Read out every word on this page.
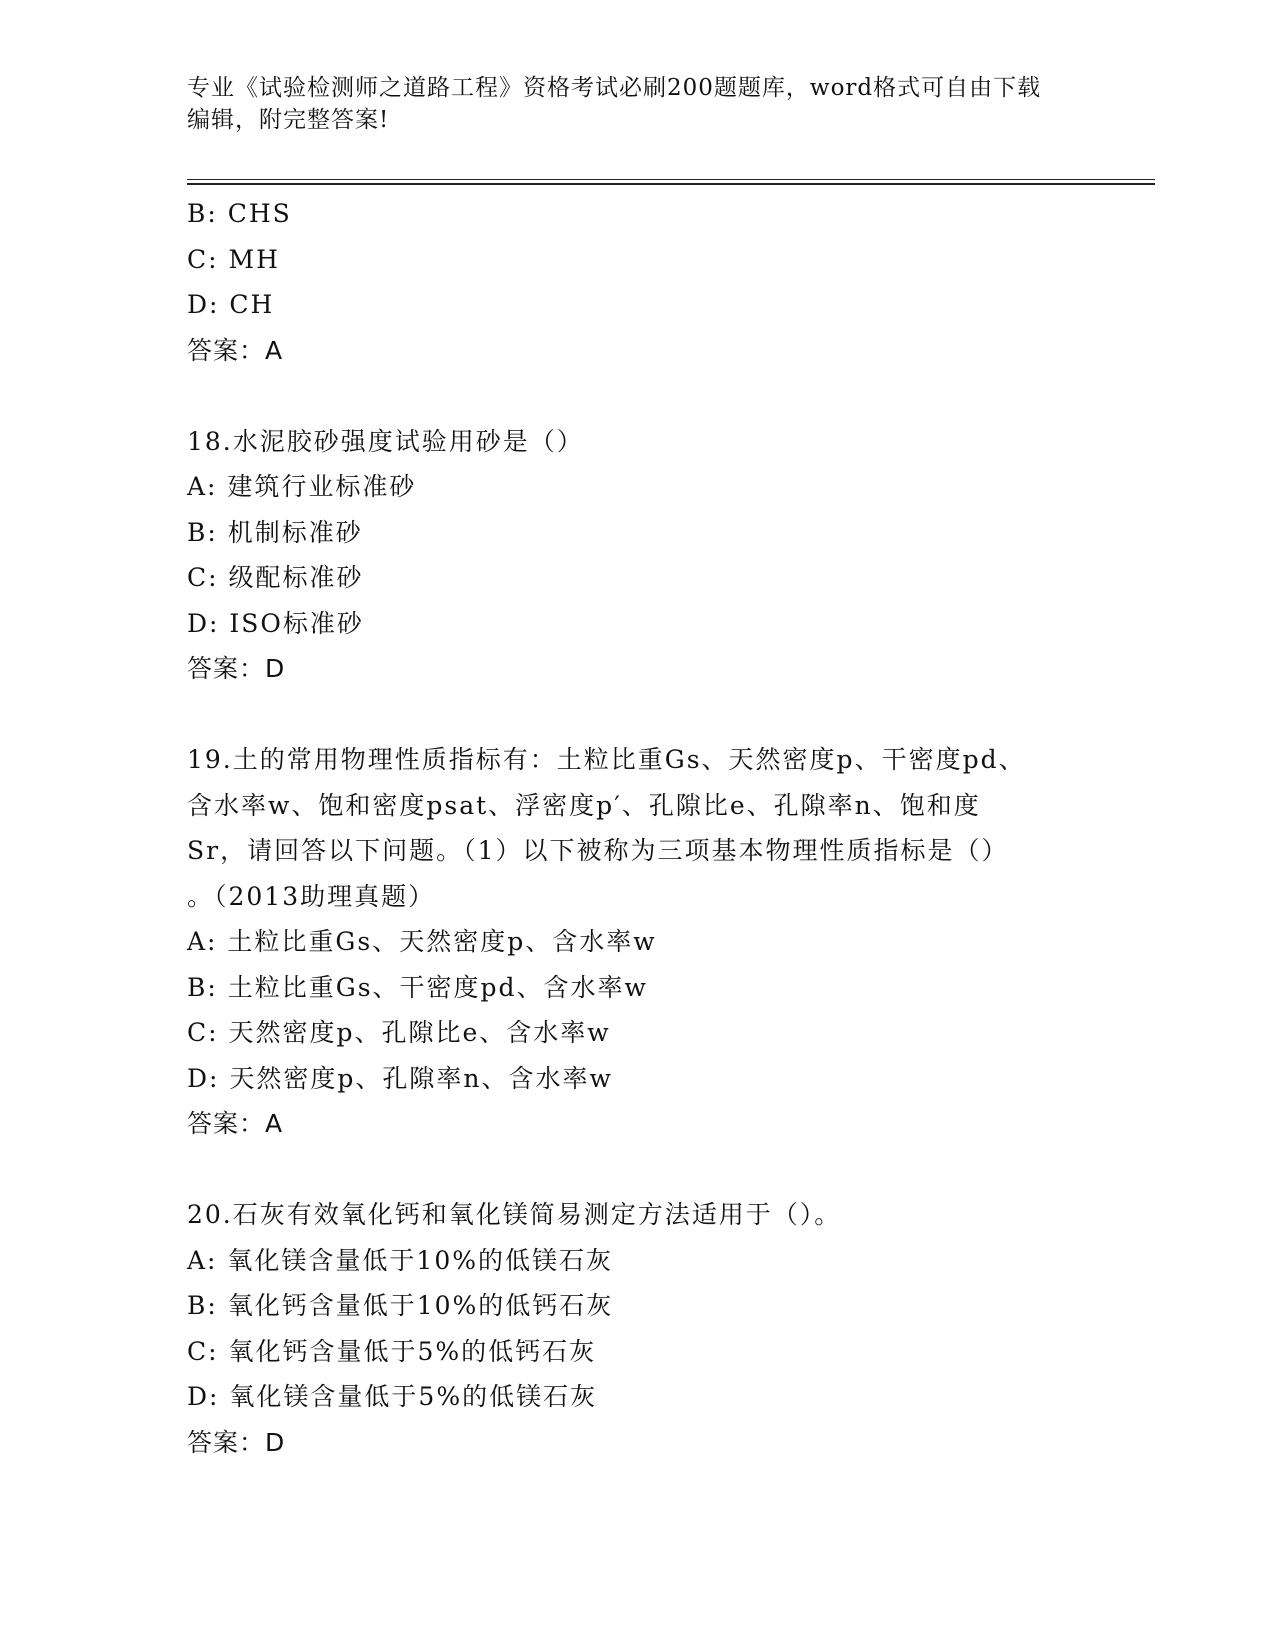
专业《试验检测师之道路工程》资格考试必刷200题题库，word格式可自由下载
编辑，附完整答案!
B: CHS
C: MH
D: CH
答案：A
18.水泥胶砂强度试验用砂是（）
A: 建筑行业标准砂
B: 机制标准砂
C: 级配标准砂
D: ISO标准砂
答案：D
19.土的常用物理性质指标有：土粒比重Gs、天然密度p、干密度pd、
含水率w、饱和密度psat、浮密度p′、孔隙比e、孔隙率n、饱和度
Sr，请回答以下问题。（1）以下被称为三项基本物理性质指标是（）
。（2013助理真题）
A: 土粒比重Gs、天然密度p、含水率w
B: 土粒比重Gs、干密度pd、含水率w
C: 天然密度p、孔隙比e、含水率w
D: 天然密度p、孔隙率n、含水率w
答案：A
20.石灰有效氧化钙和氧化镁简易测定方法适用于（）。
A: 氧化镁含量低于10%的低镁石灰
B: 氧化钙含量低于10%的低钙石灰
C: 氧化钙含量低于5%的低钙石灰
D: 氧化镁含量低于5%的低镁石灰
答案：D
